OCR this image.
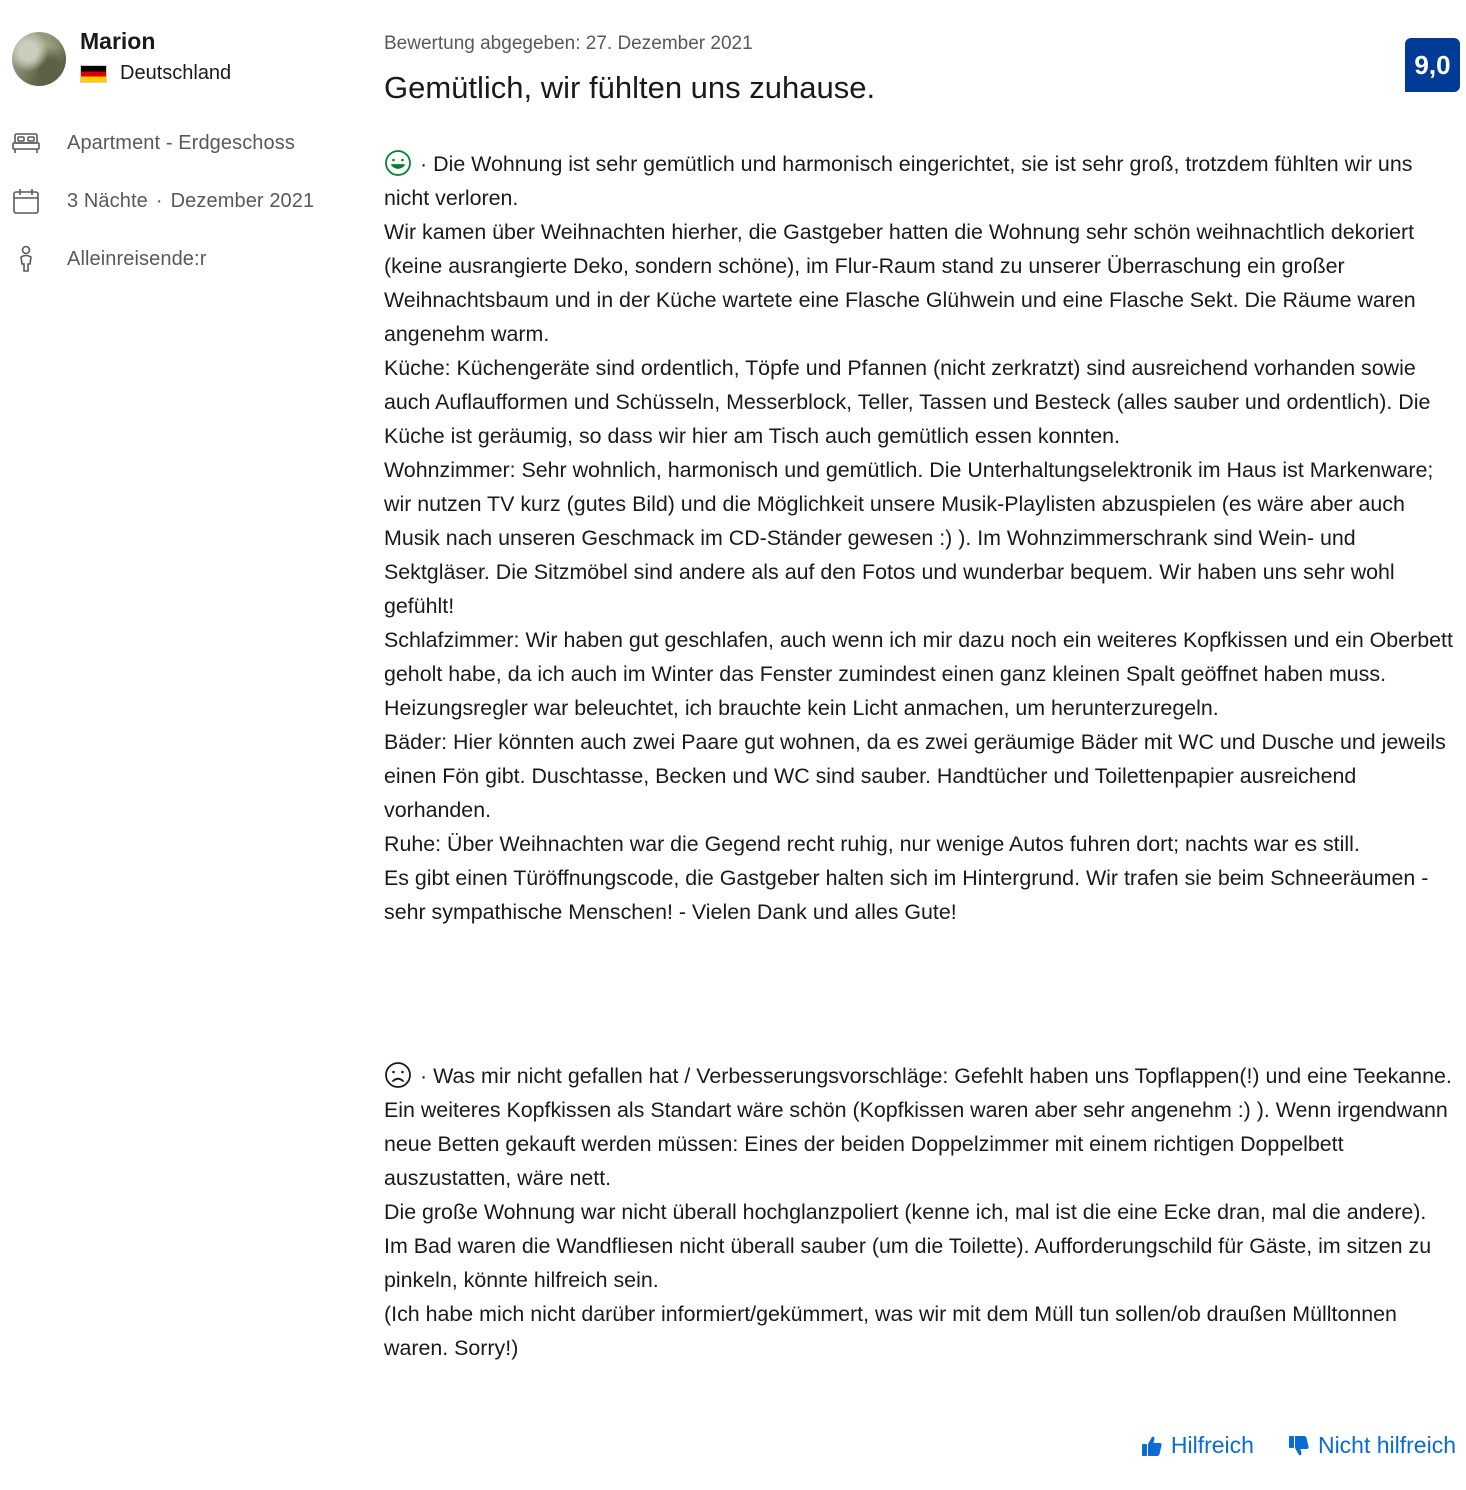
Marion
Deutschland
Apartment - Erdgeschoss
3 Nächte · Dezember 2021
Alleinreisende:r
Bewertung abgegeben: 27. Dezember 2021
Gemütlich, wir fühlten uns zuhause.
9,0

· Die Wohnung ist sehr gemütlich und harmonisch eingerichtet, sie ist sehr groß, trotzdem fühlten wir uns nicht verloren.

Wir kamen über Weihnachten hierher, die Gastgeber hatten die Wohnung sehr schön weihnachtlich dekoriert (keine ausrangierte Deko, sondern schöne), im Flur-Raum stand zu unserer Überraschung ein großer Weihnachtsbaum und in der Küche wartete eine Flasche Glühwein und eine Flasche Sekt. Die Räume waren angenehm warm.

Küche: Küchengeräte sind ordentlich, Töpfe und Pfannen (nicht zerkratzt) sind ausreichend vorhanden sowie auch Auflaufformen und Schüsseln, Messerblock, Teller, Tassen und Besteck (alles sauber und ordentlich). Die Küche ist geräumig, so dass wir hier am Tisch auch gemütlich essen konnten.

Wohnzimmer: Sehr wohnlich, harmonisch und gemütlich. Die Unterhaltungselektronik im Haus ist Markenware; wir nutzen TV kurz (gutes Bild) und die Möglichkeit unsere Musik-Playlisten abzuspielen (es wäre aber auch Musik nach unseren Geschmack im CD-Ständer gewesen :) ). Im Wohnzimmerschrank sind Wein- und Sektgläser. Die Sitzmöbel sind andere als auf den Fotos und wunderbar bequem. Wir haben uns sehr wohl gefühlt!

Schlafzimmer: Wir haben gut geschlafen, auch wenn ich mir dazu noch ein weiteres Kopfkissen und ein Oberbett geholt habe, da ich auch im Winter das Fenster zumindest einen ganz kleinen Spalt geöffnet haben muss. Heizungsregler war beleuchtet, ich brauchte kein Licht anmachen, um herunterzuregeln.

Bäder: Hier könnten auch zwei Paare gut wohnen, da es zwei geräumige Bäder mit WC und Dusche und jeweils einen Fön gibt. Duschtasse, Becken und WC sind sauber. Handtücher und Toilettenpapier ausreichend vorhanden.

Ruhe: Über Weihnachten war die Gegend recht ruhig, nur wenige Autos fuhren dort; nachts war es still.

Es gibt einen Türöffnungscode, die Gastgeber halten sich im Hintergrund. Wir trafen sie beim Schneeräumen - sehr sympathische Menschen! - Vielen Dank und alles Gute!

· Was mir nicht gefallen hat / Verbesserungsvorschläge: Gefehlt haben uns Topflappen(!) und eine Teekanne. Ein weiteres Kopfkissen als Standart wäre schön (Kopfkissen waren aber sehr angenehm :) ). Wenn irgendwann neue Betten gekauft werden müssen: Eines der beiden Doppelzimmer mit einem richtigen Doppelbett auszustatten, wäre nett.

Die große Wohnung war nicht überall hochglanzpoliert (kenne ich, mal ist die eine Ecke dran, mal die andere).

Im Bad waren die Wandfliesen nicht überall sauber (um die Toilette). Aufforderungschild für Gäste, im sitzen zu pinkeln, könnte hilfreich sein.

(Ich habe mich nicht darüber informiert/gekümmert, was wir mit dem Müll tun sollen/ob draußen Mülltonnen waren. Sorry!)

Hilfreich	Nicht hilfreich
